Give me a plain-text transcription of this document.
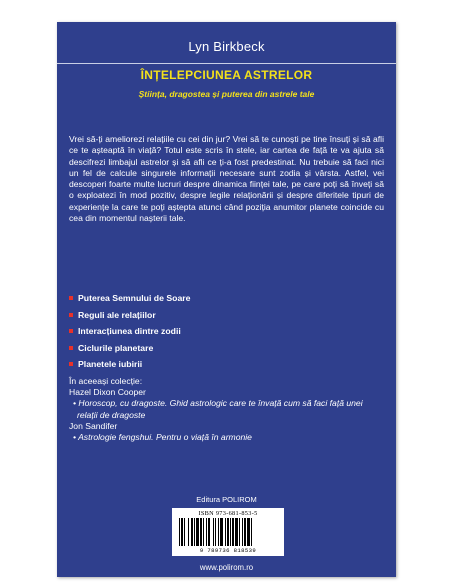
Lyn Birkbeck
ÎNȚELEPCIUNEA ASTRELOR
Știința, dragostea și puterea din astrele tale

Vrei să-ți ameliorezi relațiile cu cei din jur? Vrei să te cunoști pe tine însuți și să afli ce te așteaptă în viață? Totul este scris în stele, iar cartea de față te va ajuta să descifrezi limbajul astrelor și să afli ce ți-a fost predestinat. Nu trebuie să faci nici un fel de calcule singurele informații necesare sunt zodia și vârsta. Astfel, vei descoperi foarte multe lucruri despre dinamica ființei tale, pe care poți să înveți să o exploatezi în mod pozitiv, despre legile relaționării și despre diferitele tipuri de experiențe la care te poți aștepta atunci când poziția anumitor planete coincide cu cea din momentul nașterii tale.

Puterea Semnului de Soare
Reguli ale relațiilor
Interacțiunea dintre zodii
Ciclurile planetare
Planetele iubirii
În aceeași colecție:
Hazel Dixon Cooper
• Horoscop, cu dragoste. Ghid astrologic care te învață cum să faci față unei relații de dragoste
Jon Sandifer
• Astrologie fengshui. Pentru o viață în armonie
Editura POLIROM
ISBN 973-681-853-5
9 789736 818539
www.polirom.ro
